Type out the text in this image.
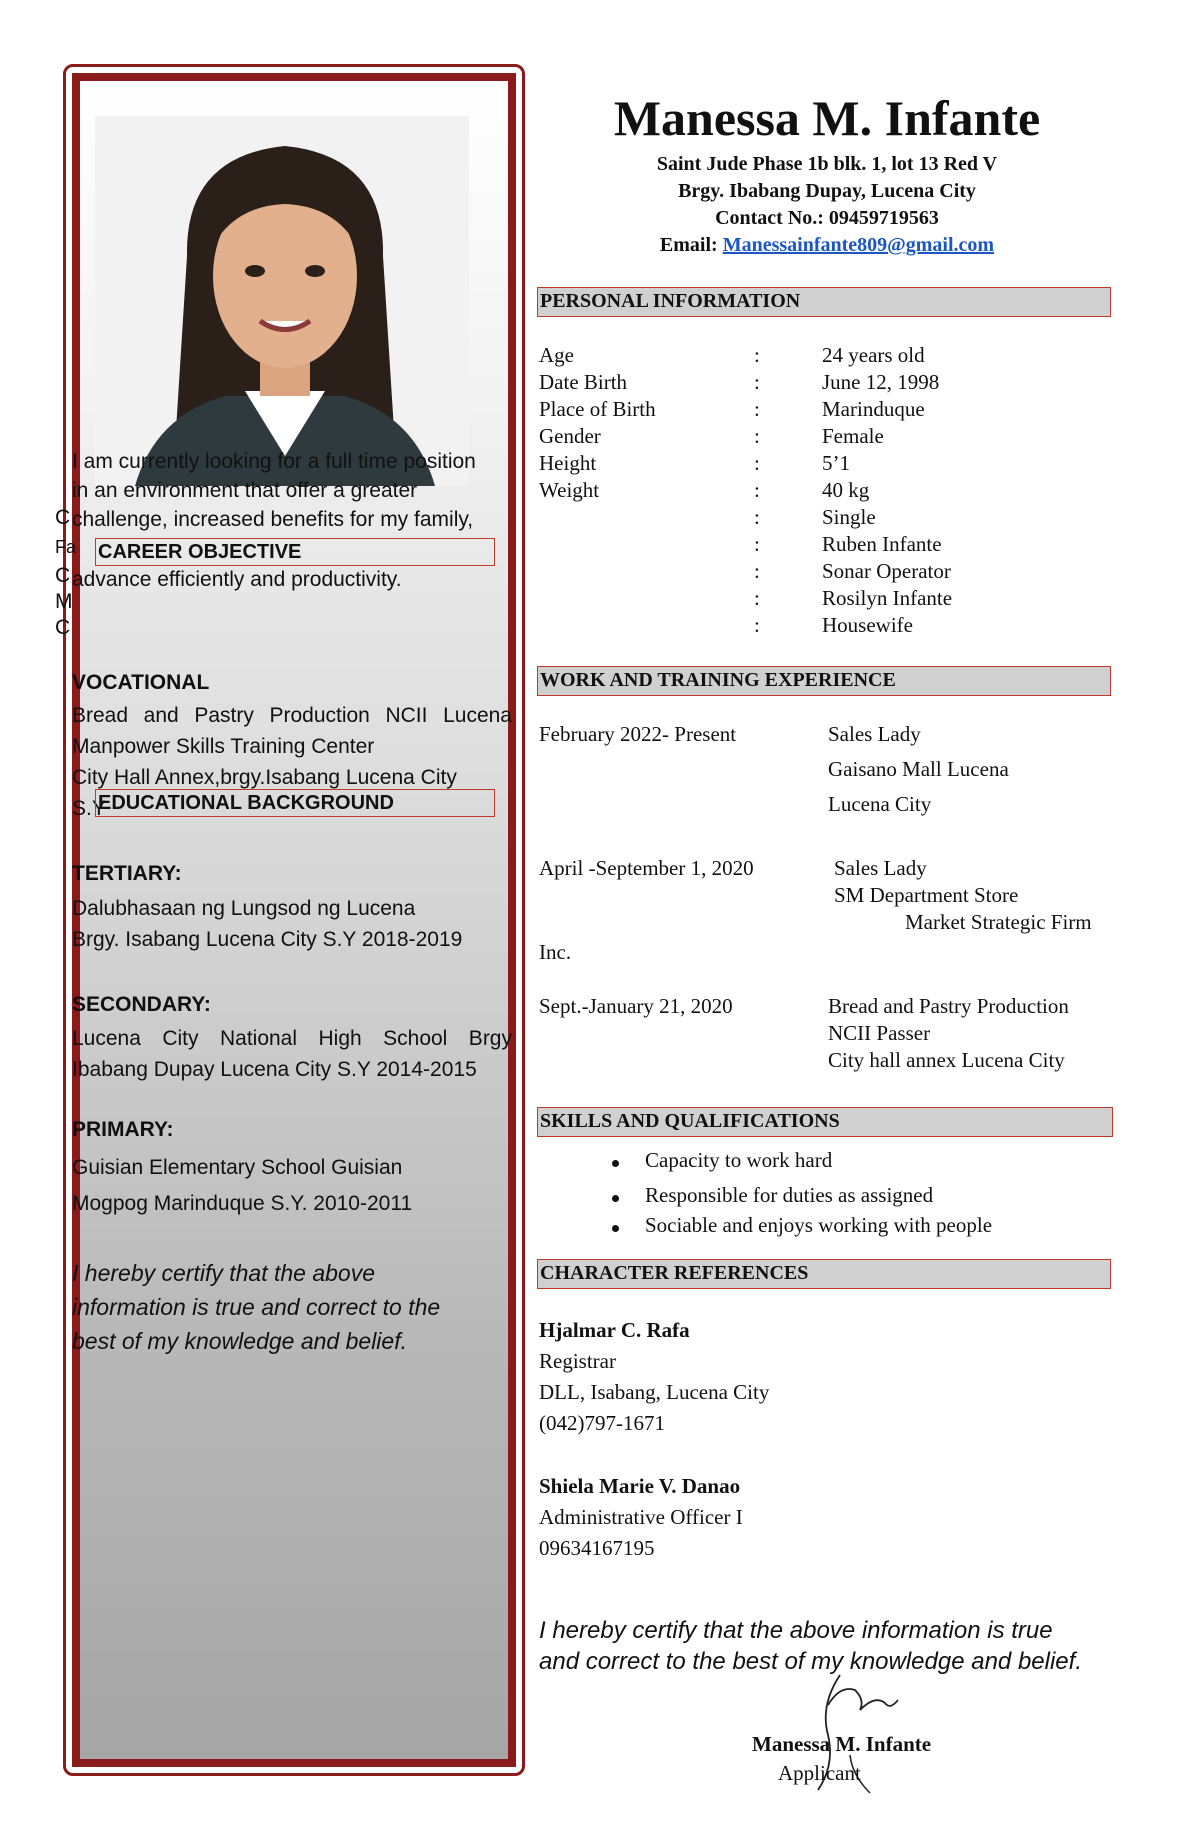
C
Fa
C
M
C
I am currently looking for a full time position
in an environment that offer a greater
challenge, increased benefits for my family,
CAREER OBJECTIVE
advance efficiently and productivity.
VOCATIONAL
Bread and Pastry Production NCII Lucena
Manpower Skills Training Center
City Hall Annex,brgy.Isabang Lucena City
S.Y
EDUCATIONAL BACKGROUND
TERTIARY:
Dalubhasaan ng Lungsod ng Lucena
Brgy. Isabang Lucena City S.Y 2018-2019
SECONDARY:
Lucena City National High School Brgy
Ibabang Dupay Lucena City S.Y 2014-2015
PRIMARY:
Guisian Elementary School Guisian
Mogpog Marinduque S.Y. 2010-2011
I hereby certify that the above
information is true and correct to the
best of my knowledge and belief.
Manessa M. Infante
Saint Jude Phase 1b blk. 1, lot 13 Red V
Brgy. Ibabang Dupay, Lucena City
Contact No.: 09459719563
Email: Manessainfante809@gmail.com
PERSONAL INFORMATION
Age	:	24 years old
Date Birth	:	June 12, 1998
Place of Birth	:	Marinduque
Gender	:	Female
Height	:	5’1
Weight	:	40 kg
:	Single
:	Ruben Infante
:	Sonar Operator
:	Rosilyn Infante
:	Housewife
WORK AND TRAINING EXPERIENCE
February 2022- Present	Sales Lady
Gaisano Mall Lucena
Lucena City
April -September 1, 2020	Sales Lady
SM Department Store
Market Strategic Firm
Inc.
Sept.-January 21, 2020	Bread and Pastry Production
NCII Passer
City hall annex Lucena City
SKILLS AND QUALIFICATIONS
Capacity to work hard
Responsible for duties as assigned
Sociable and enjoys working with people
CHARACTER REFERENCES
Hjalmar C. Rafa
Registrar
DLL, Isabang, Lucena City
(042)797-1671
Shiela Marie V. Danao
Administrative Officer I
09634167195
I hereby certify that the above information is true
and correct to the best of my knowledge and belief.
Manessa M. Infante
Applicant
